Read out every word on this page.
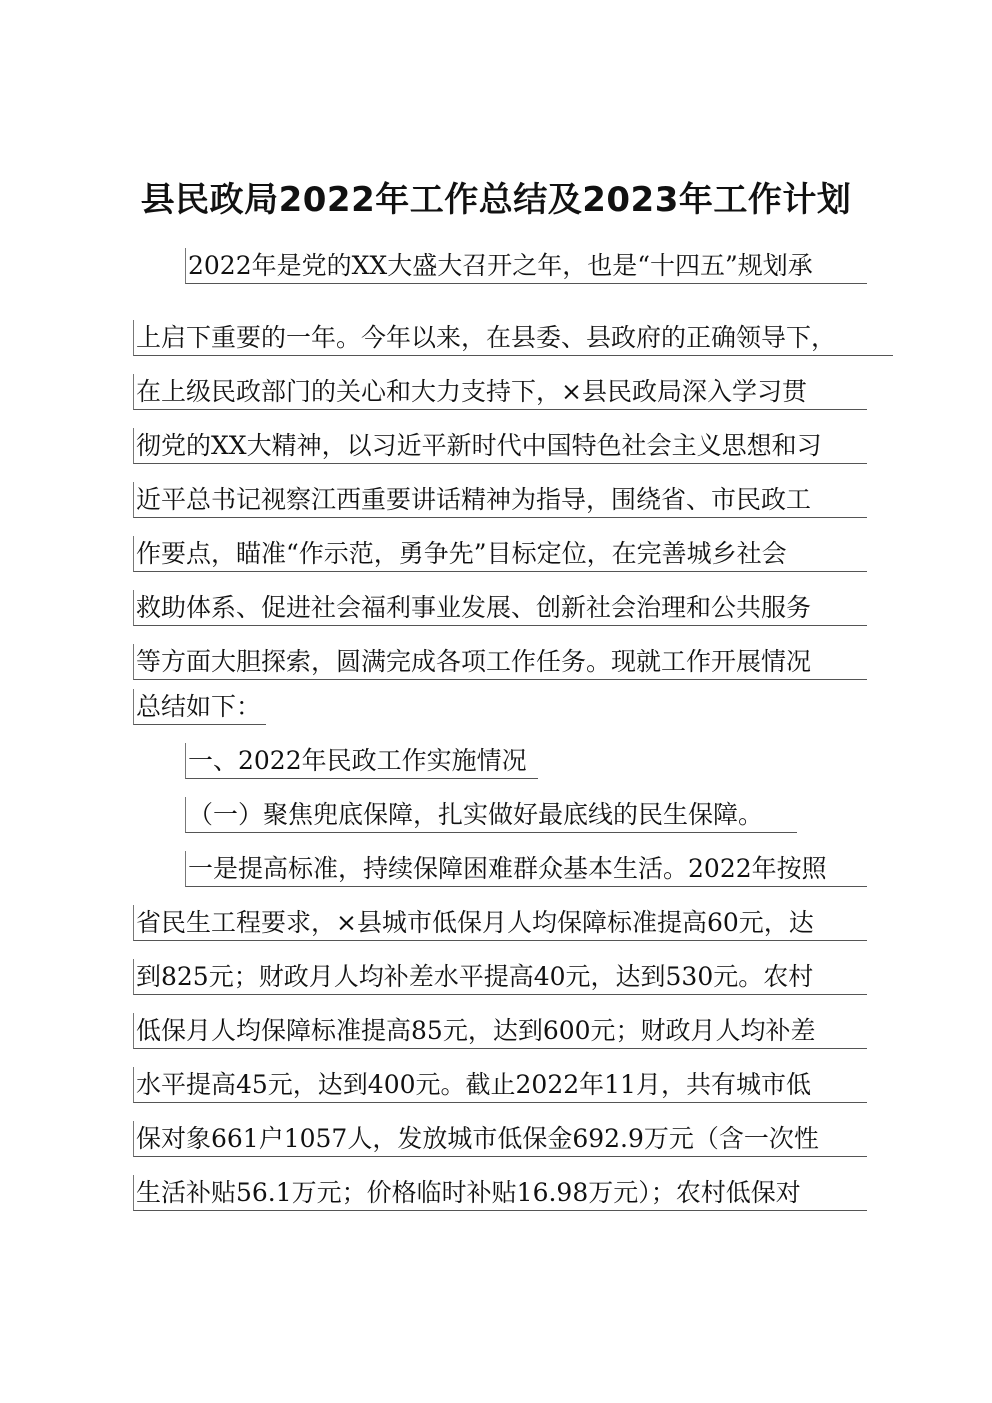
县民政局2022年工作总结及2023年工作计划
2022年是党的XX大盛大召开之年，也是“十四五”规划承
上启下重要的一年。今年以来，在县委、县政府的正确领导下，
在上级民政部门的关心和大力支持下，×县民政局深入学习贯
彻党的XX大精神，以习近平新时代中国特色社会主义思想和习
近平总书记视察江西重要讲话精神为指导，围绕省、市民政工
作要点，瞄准“作示范，勇争先”目标定位，在完善城乡社会
救助体系、促进社会福利事业发展、创新社会治理和公共服务
等方面大胆探索，圆满完成各项工作任务。现就工作开展情况
总结如下：
一、2022年民政工作实施情况
（一）聚焦兜底保障，扎实做好最底线的民生保障。
一是提高标准，持续保障困难群众基本生活。2022年按照
省民生工程要求，×县城市低保月人均保障标准提高60元，达
到825元；财政月人均补差水平提高40元，达到530元。农村
低保月人均保障标准提高85元，达到600元；财政月人均补差
水平提高45元，达到400元。截止2022年11月，共有城市低
保对象661户1057人，发放城市低保金692.9万元（含一次性
生活补贴56.1万元；价格临时补贴16.98万元）；农村低保对
